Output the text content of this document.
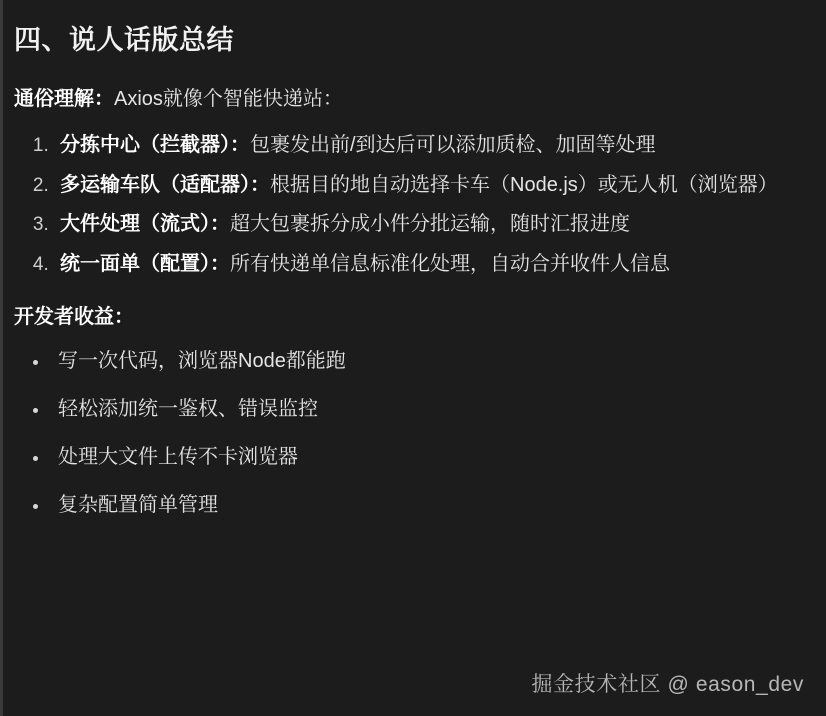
四、说人话版总结

通俗理解：Axios就像个智能快递站：

1. 分拣中心（拦截器）：包裹发出前/到达后可以添加质检、加固等处理
2. 多运输车队（适配器）：根据目的地自动选择卡车（Node.js）或无人机（浏览器）
3. 大件处理（流式）：超大包裹拆分成小件分批运输，随时汇报进度
4. 统一面单（配置）：所有快递单信息标准化处理，自动合并收件人信息

开发者收益：

• 写一次代码，浏览器Node都能跑
• 轻松添加统一鉴权、错误监控
• 处理大文件上传不卡浏览器
• 复杂配置简单管理
掘金技术社区 @ eason_dev
